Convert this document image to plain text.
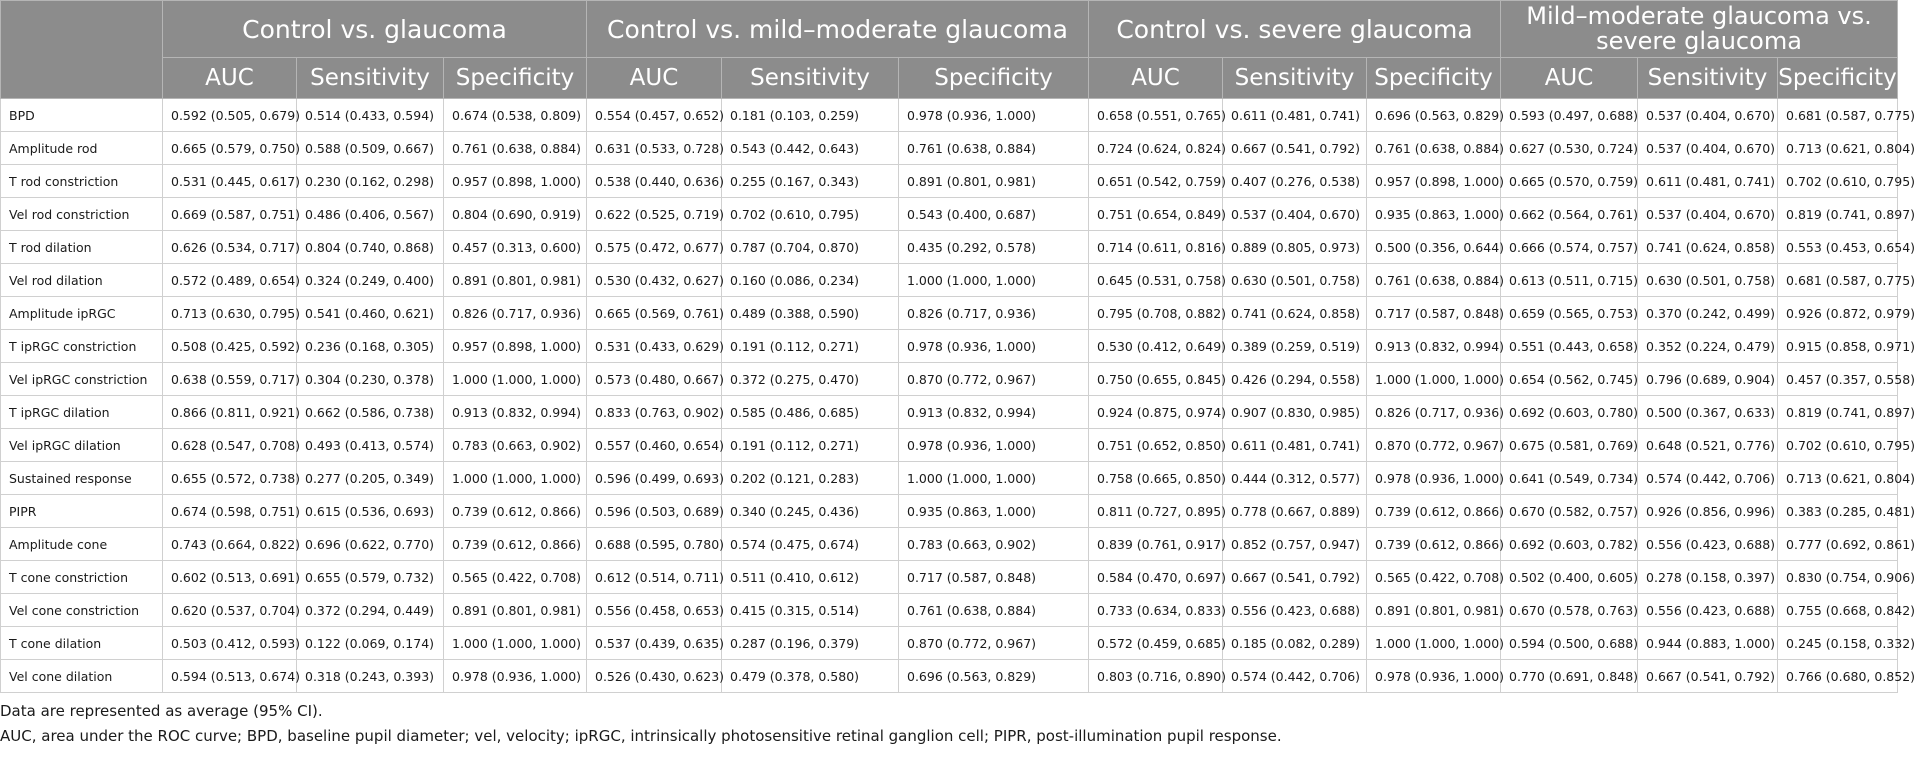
	Control vs. glaucoma			Control vs. mild–moderate glaucoma			Control vs. severe glaucoma			Mild–moderate glaucoma vs. severe glaucoma		
	AUC	Sensitivity	Specificity	AUC	Sensitivity	Specificity	AUC	Sensitivity	Specificity	AUC	Sensitivity	Specificity
BPD	0.592 (0.505, 0.679)	0.514 (0.433, 0.594)	0.674 (0.538, 0.809)	0.554 (0.457, 0.652)	0.181 (0.103, 0.259)	0.978 (0.936, 1.000)	0.658 (0.551, 0.765)	0.611 (0.481, 0.741)	0.696 (0.563, 0.829)	0.593 (0.497, 0.688)	0.537 (0.404, 0.670)	0.681 (0.587, 0.775)
Amplitude rod	0.665 (0.579, 0.750)	0.588 (0.509, 0.667)	0.761 (0.638, 0.884)	0.631 (0.533, 0.728)	0.543 (0.442, 0.643)	0.761 (0.638, 0.884)	0.724 (0.624, 0.824)	0.667 (0.541, 0.792)	0.761 (0.638, 0.884)	0.627 (0.530, 0.724)	0.537 (0.404, 0.670)	0.713 (0.621, 0.804)
T rod constriction	0.531 (0.445, 0.617)	0.230 (0.162, 0.298)	0.957 (0.898, 1.000)	0.538 (0.440, 0.636)	0.255 (0.167, 0.343)	0.891 (0.801, 0.981)	0.651 (0.542, 0.759)	0.407 (0.276, 0.538)	0.957 (0.898, 1.000)	0.665 (0.570, 0.759)	0.611 (0.481, 0.741)	0.702 (0.610, 0.795)
Vel rod constriction	0.669 (0.587, 0.751)	0.486 (0.406, 0.567)	0.804 (0.690, 0.919)	0.622 (0.525, 0.719)	0.702 (0.610, 0.795)	0.543 (0.400, 0.687)	0.751 (0.654, 0.849)	0.537 (0.404, 0.670)	0.935 (0.863, 1.000)	0.662 (0.564, 0.761)	0.537 (0.404, 0.670)	0.819 (0.741, 0.897)
T rod dilation	0.626 (0.534, 0.717)	0.804 (0.740, 0.868)	0.457 (0.313, 0.600)	0.575 (0.472, 0.677)	0.787 (0.704, 0.870)	0.435 (0.292, 0.578)	0.714 (0.611, 0.816)	0.889 (0.805, 0.973)	0.500 (0.356, 0.644)	0.666 (0.574, 0.757)	0.741 (0.624, 0.858)	0.553 (0.453, 0.654)
Vel rod dilation	0.572 (0.489, 0.654)	0.324 (0.249, 0.400)	0.891 (0.801, 0.981)	0.530 (0.432, 0.627)	0.160 (0.086, 0.234)	1.000 (1.000, 1.000)	0.645 (0.531, 0.758)	0.630 (0.501, 0.758)	0.761 (0.638, 0.884)	0.613 (0.511, 0.715)	0.630 (0.501, 0.758)	0.681 (0.587, 0.775)
Amplitude ipRGC	0.713 (0.630, 0.795)	0.541 (0.460, 0.621)	0.826 (0.717, 0.936)	0.665 (0.569, 0.761)	0.489 (0.388, 0.590)	0.826 (0.717, 0.936)	0.795 (0.708, 0.882)	0.741 (0.624, 0.858)	0.717 (0.587, 0.848)	0.659 (0.565, 0.753)	0.370 (0.242, 0.499)	0.926 (0.872, 0.979)
T ipRGC constriction	0.508 (0.425, 0.592)	0.236 (0.168, 0.305)	0.957 (0.898, 1.000)	0.531 (0.433, 0.629)	0.191 (0.112, 0.271)	0.978 (0.936, 1.000)	0.530 (0.412, 0.649)	0.389 (0.259, 0.519)	0.913 (0.832, 0.994)	0.551 (0.443, 0.658)	0.352 (0.224, 0.479)	0.915 (0.858, 0.971)
Vel ipRGC constriction	0.638 (0.559, 0.717)	0.304 (0.230, 0.378)	1.000 (1.000, 1.000)	0.573 (0.480, 0.667)	0.372 (0.275, 0.470)	0.870 (0.772, 0.967)	0.750 (0.655, 0.845)	0.426 (0.294, 0.558)	1.000 (1.000, 1.000)	0.654 (0.562, 0.745)	0.796 (0.689, 0.904)	0.457 (0.357, 0.558)
T ipRGC dilation	0.866 (0.811, 0.921)	0.662 (0.586, 0.738)	0.913 (0.832, 0.994)	0.833 (0.763, 0.902)	0.585 (0.486, 0.685)	0.913 (0.832, 0.994)	0.924 (0.875, 0.974)	0.907 (0.830, 0.985)	0.826 (0.717, 0.936)	0.692 (0.603, 0.780)	0.500 (0.367, 0.633)	0.819 (0.741, 0.897)
Vel ipRGC dilation	0.628 (0.547, 0.708)	0.493 (0.413, 0.574)	0.783 (0.663, 0.902)	0.557 (0.460, 0.654)	0.191 (0.112, 0.271)	0.978 (0.936, 1.000)	0.751 (0.652, 0.850)	0.611 (0.481, 0.741)	0.870 (0.772, 0.967)	0.675 (0.581, 0.769)	0.648 (0.521, 0.776)	0.702 (0.610, 0.795)
Sustained response	0.655 (0.572, 0.738)	0.277 (0.205, 0.349)	1.000 (1.000, 1.000)	0.596 (0.499, 0.693)	0.202 (0.121, 0.283)	1.000 (1.000, 1.000)	0.758 (0.665, 0.850)	0.444 (0.312, 0.577)	0.978 (0.936, 1.000)	0.641 (0.549, 0.734)	0.574 (0.442, 0.706)	0.713 (0.621, 0.804)
PIPR	0.674 (0.598, 0.751)	0.615 (0.536, 0.693)	0.739 (0.612, 0.866)	0.596 (0.503, 0.689)	0.340 (0.245, 0.436)	0.935 (0.863, 1.000)	0.811 (0.727, 0.895)	0.778 (0.667, 0.889)	0.739 (0.612, 0.866)	0.670 (0.582, 0.757)	0.926 (0.856, 0.996)	0.383 (0.285, 0.481)
Amplitude cone	0.743 (0.664, 0.822)	0.696 (0.622, 0.770)	0.739 (0.612, 0.866)	0.688 (0.595, 0.780)	0.574 (0.475, 0.674)	0.783 (0.663, 0.902)	0.839 (0.761, 0.917)	0.852 (0.757, 0.947)	0.739 (0.612, 0.866)	0.692 (0.603, 0.782)	0.556 (0.423, 0.688)	0.777 (0.692, 0.861)
T cone constriction	0.602 (0.513, 0.691)	0.655 (0.579, 0.732)	0.565 (0.422, 0.708)	0.612 (0.514, 0.711)	0.511 (0.410, 0.612)	0.717 (0.587, 0.848)	0.584 (0.470, 0.697)	0.667 (0.541, 0.792)	0.565 (0.422, 0.708)	0.502 (0.400, 0.605)	0.278 (0.158, 0.397)	0.830 (0.754, 0.906)
Vel cone constriction	0.620 (0.537, 0.704)	0.372 (0.294, 0.449)	0.891 (0.801, 0.981)	0.556 (0.458, 0.653)	0.415 (0.315, 0.514)	0.761 (0.638, 0.884)	0.733 (0.634, 0.833)	0.556 (0.423, 0.688)	0.891 (0.801, 0.981)	0.670 (0.578, 0.763)	0.556 (0.423, 0.688)	0.755 (0.668, 0.842)
T cone dilation	0.503 (0.412, 0.593)	0.122 (0.069, 0.174)	1.000 (1.000, 1.000)	0.537 (0.439, 0.635)	0.287 (0.196, 0.379)	0.870 (0.772, 0.967)	0.572 (0.459, 0.685)	0.185 (0.082, 0.289)	1.000 (1.000, 1.000)	0.594 (0.500, 0.688)	0.944 (0.883, 1.000)	0.245 (0.158, 0.332)
Vel cone dilation	0.594 (0.513, 0.674)	0.318 (0.243, 0.393)	0.978 (0.936, 1.000)	0.526 (0.430, 0.623)	0.479 (0.378, 0.580)	0.696 (0.563, 0.829)	0.803 (0.716, 0.890)	0.574 (0.442, 0.706)	0.978 (0.936, 1.000)	0.770 (0.691, 0.848)	0.667 (0.541, 0.792)	0.766 (0.680, 0.852)
Data are represented as average (95% CI).
AUC, area under the ROC curve; BPD, baseline pupil diameter; vel, velocity; ipRGC, intrinsically photosensitive retinal ganglion cell; PIPR, post-illumination pupil response.
